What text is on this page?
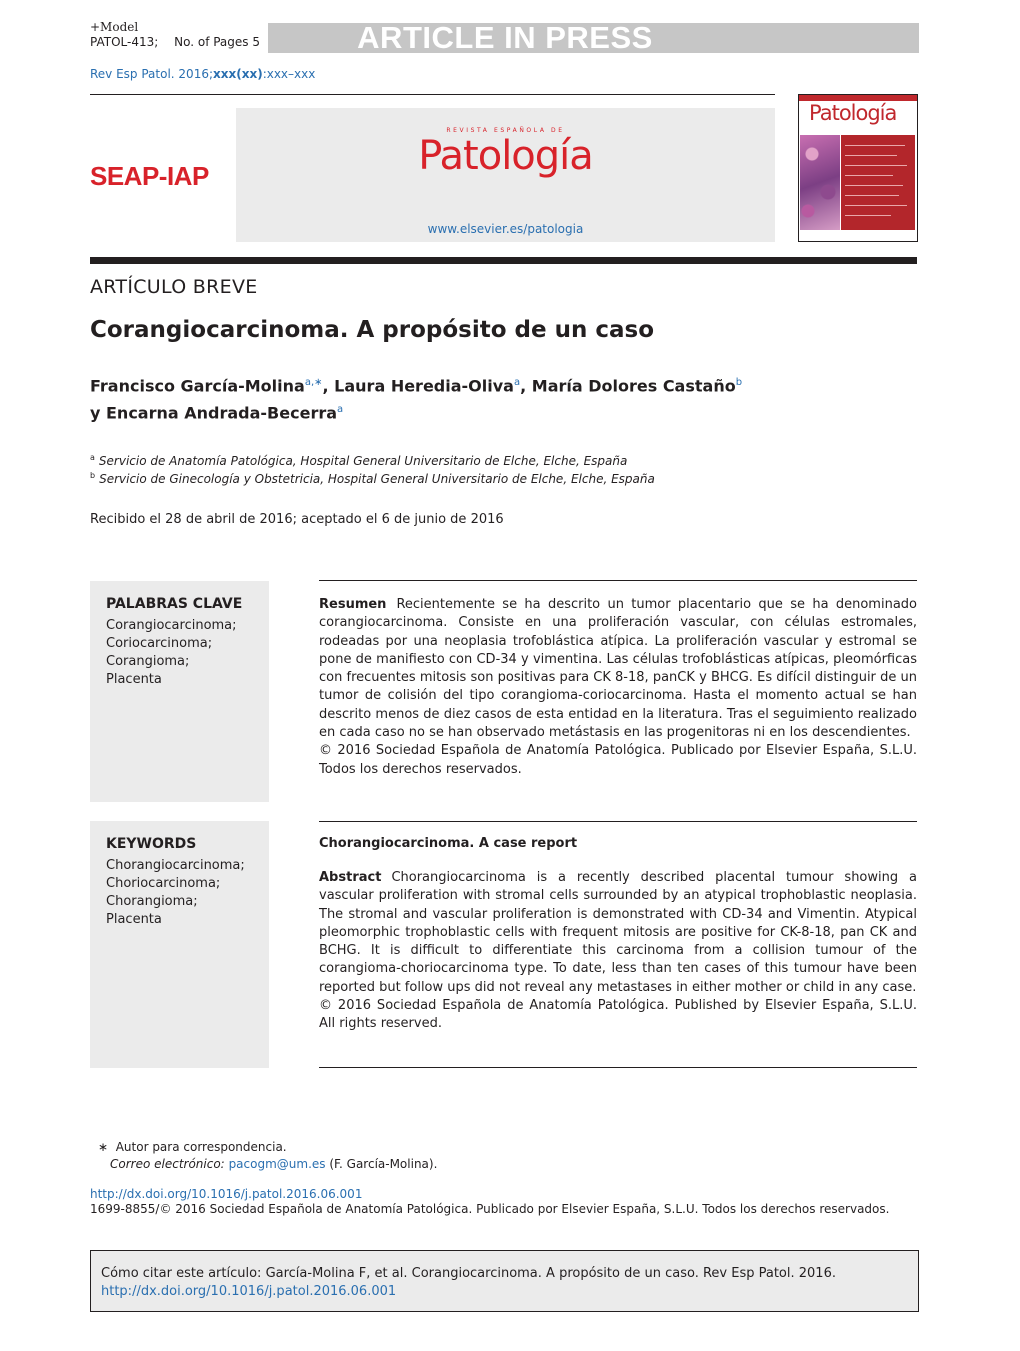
+Model
PATOL-413; No. of Pages 5	ARTICLE IN PRESS
Rev Esp Patol. 2016;xxx(xx):xxx–xxx
SEAP-IAP
REVISTA ESPAÑOLA DE
Patología
www.elsevier.es/patologia
Patología
ARTÍCULO BREVE
Corangiocarcinoma. A propósito de un caso
Francisco García-Molina$^{a,∗}$, Laura Heredia-Oliva$^a$, María Dolores Castaño$^b$
y Encarna Andrada-Becerra$^a$
$^a$ Servicio de Anatomía Patológica, Hospital General Universitario de Elche, Elche, España
$^b$ Servicio de Ginecología y Obstetricia, Hospital General Universitario de Elche, Elche, España
Recibido el 28 de abril de 2016; aceptado el 6 de junio de 2016
PALABRAS CLAVE
Corangiocarcinoma;
Coriocarcinoma;
Corangioma;
Placenta
Resumen Recientemente se ha descrito un tumor placentario que se ha denominado corangiocarcinoma. Consiste en una proliferación vascular, con células estromales, rodeadas por una neoplasia trofoblástica atípica. La proliferación vascular y estromal se pone de manifiesto con CD-34 y vimentina. Las células trofoblásticas atípicas, pleomórficas con frecuentes mitosis son positivas para CK 8-18, panCK y BHCG. Es difícil distinguir de un tumor de colisión del tipo corangioma-coriocarcinoma. Hasta el momento actual se han descrito menos de diez casos de esta entidad en la literatura. Tras el seguimiento realizado en cada caso no se han observado metástasis en las progenitoras ni en los descendientes.
© 2016 Sociedad Española de Anatomía Patológica. Publicado por Elsevier España, S.L.U. Todos los derechos reservados.
KEYWORDS
Chorangiocarcinoma;
Choriocarcinoma;
Chorangioma;
Placenta
Chorangiocarcinoma. A case report
Abstract Chorangiocarcinoma is a recently described placental tumour showing a vascular proliferation with stromal cells surrounded by an atypical trophoblastic neoplasia. The stromal and vascular proliferation is demonstrated with CD-34 and Vimentin. Atypical pleomorphic trophoblastic cells with frequent mitosis are positive for CK-8-18, pan CK and BCHG. It is difficult to differentiate this carcinoma from a collision tumour of the corangioma-choriocarcinoma type. To date, less than ten cases of this tumour have been reported but follow ups did not reveal any metastases in either mother or child in any case.
© 2016 Sociedad Española de Anatomía Patológica. Published by Elsevier España, S.L.U. All rights reserved.
∗ Autor para correspondencia.
Correo electrónico: pacogm@um.es (F. García-Molina).
http://dx.doi.org/10.1016/j.patol.2016.06.001
1699-8855/© 2016 Sociedad Española de Anatomía Patológica. Publicado por Elsevier España, S.L.U. Todos los derechos reservados.
Cómo citar este artículo: García-Molina F, et al. Corangiocarcinoma. A propósito de un caso. Rev Esp Patol. 2016.
http://dx.doi.org/10.1016/j.patol.2016.06.001
